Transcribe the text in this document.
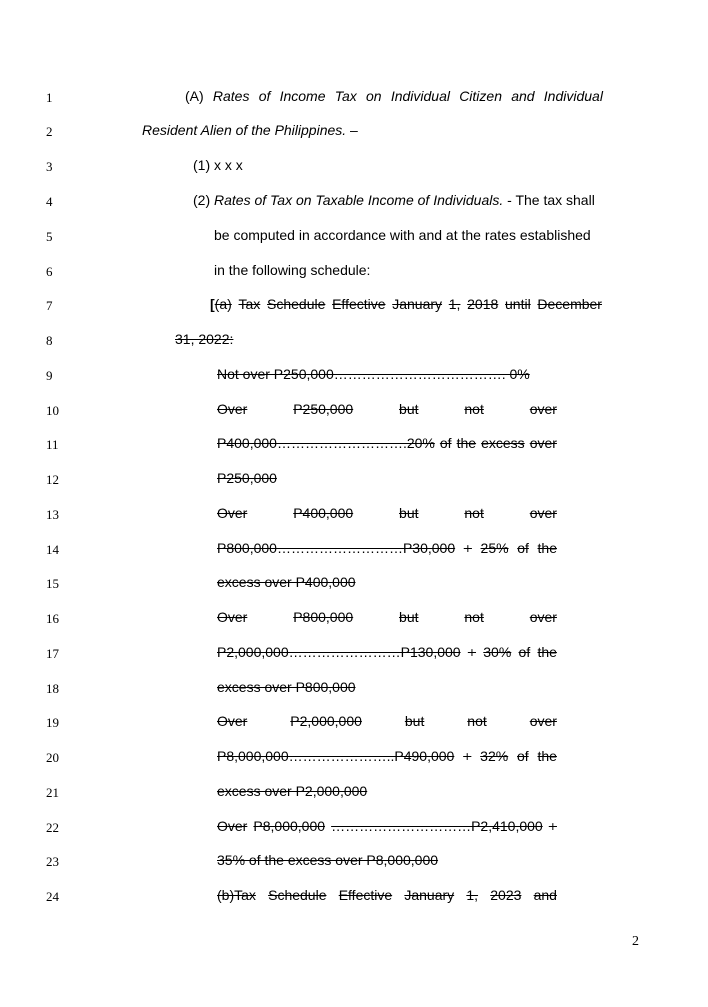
1
2
3
4
5
6
7
8
9
10
11
12
13
14
15
16
17
18
19
20
21
22
23
24
(A) Rates of Income Tax on Individual Citizen and Individual
Resident Alien of the Philippines. –
(1) x x x
(2) Rates of Tax on Taxable Income of Individuals. - The tax shall
be computed in accordance with and at the rates established
in the following schedule:
[ (a) Tax Schedule Effective January 1, 2018 until December
31, 2022:
Not over P250,000………………………………. 0%
Over	P250,000	but	not	over
P400,000……………………….20% of the excess over
P250,000
Over	P400,000	but	not	over
P800,000………………………P30,000 + 25% of the
excess over P400,000
Over	P800,000	but	not	over
P2,000,000……………………P130,000 + 30% of the
excess over P800,000
Over	P2,000,000	but	not	over
P8,000,000…………………..P490,000 + 32% of the
excess over P2,000,000
Over P8,000,000 …………………………P2,410,000 +
35% of the excess over P8,000,000
(b)Tax Schedule Effective January 1, 2023 and
2
